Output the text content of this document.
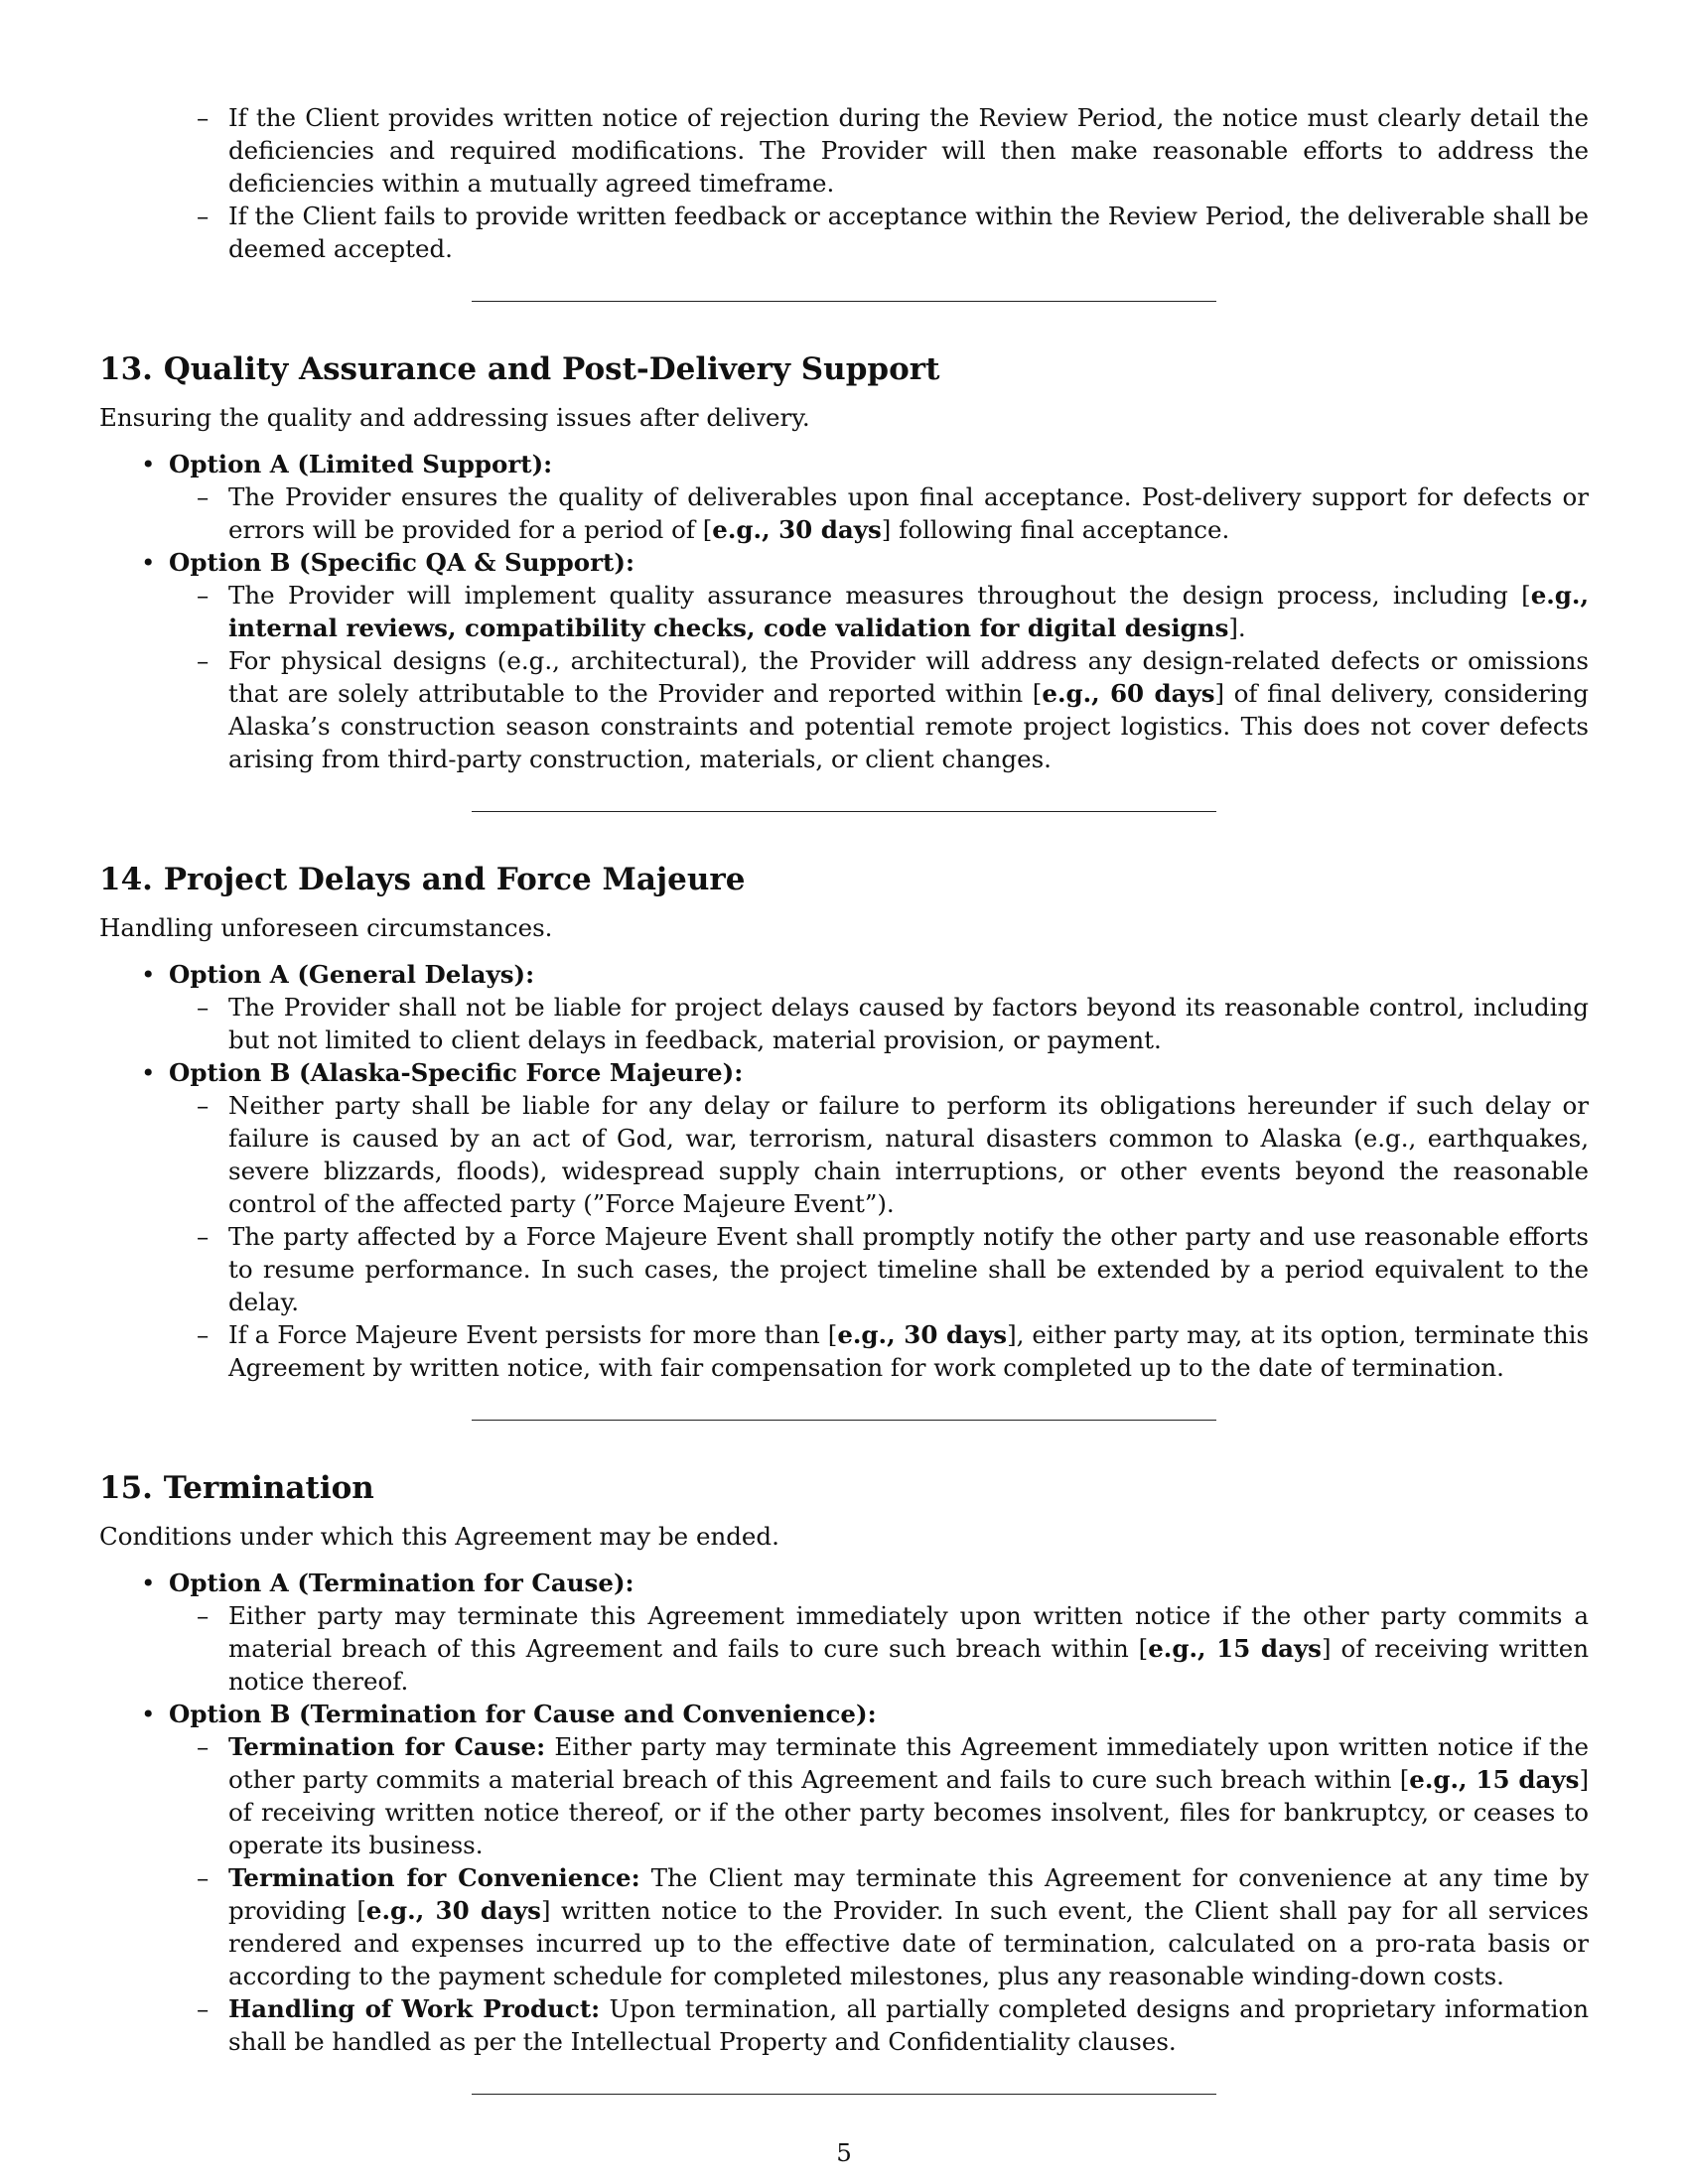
– If the Client provides written notice of rejection during the Review Period, the notice must clearly detail the deficiencies and required modifications. The Provider will then make reasonable efforts to address the deficiencies within a mutually agreed timeframe.
– If the Client fails to provide written feedback or acceptance within the Review Period, the deliverable shall be deemed accepted.
13. Quality Assurance and Post-Delivery Support

Ensuring the quality and addressing issues after delivery.

• Option A (Limited Support):
– The Provider ensures the quality of deliverables upon final acceptance. Post-delivery support for defects or errors will be provided for a period of [e.g., 30 days] following final acceptance.
• Option B (Specific QA & Support):
– The Provider will implement quality assurance measures throughout the design process, including [e.g., internal reviews, compatibility checks, code validation for digital designs].
– For physical designs (e.g., architectural), the Provider will address any design-related defects or omissions that are solely attributable to the Provider and reported within [e.g., 60 days] of final delivery, considering Alaska’s construction season constraints and potential remote project logistics. This does not cover defects arising from third-party construction, materials, or client changes.
14. Project Delays and Force Majeure

Handling unforeseen circumstances.

• Option A (General Delays):
– The Provider shall not be liable for project delays caused by factors beyond its reasonable control, including but not limited to client delays in feedback, material provision, or payment.
• Option B (Alaska-Specific Force Majeure):
– Neither party shall be liable for any delay or failure to perform its obligations hereunder if such delay or failure is caused by an act of God, war, terrorism, natural disasters common to Alaska (e.g., earthquakes, severe blizzards, floods), widespread supply chain interruptions, or other events beyond the reasonable control of the affected party (”Force Majeure Event”).
– The party affected by a Force Majeure Event shall promptly notify the other party and use reasonable efforts to resume performance. In such cases, the project timeline shall be extended by a period equivalent to the delay.
– If a Force Majeure Event persists for more than [e.g., 30 days], either party may, at its option, terminate this Agreement by written notice, with fair compensation for work completed up to the date of termination.
15. Termination

Conditions under which this Agreement may be ended.

• Option A (Termination for Cause):
– Either party may terminate this Agreement immediately upon written notice if the other party commits a material breach of this Agreement and fails to cure such breach within [e.g., 15 days] of receiving written notice thereof.
• Option B (Termination for Cause and Convenience):
– Termination for Cause: Either party may terminate this Agreement immediately upon written notice if the other party commits a material breach of this Agreement and fails to cure such breach within [e.g., 15 days] of receiving written notice thereof, or if the other party becomes insolvent, files for bankruptcy, or ceases to operate its business.
– Termination for Convenience: The Client may terminate this Agreement for convenience at any time by providing [e.g., 30 days] written notice to the Provider. In such event, the Client shall pay for all services rendered and expenses incurred up to the effective date of termination, calculated on a pro-rata basis or according to the payment schedule for completed milestones, plus any reasonable winding-down costs.
– Handling of Work Product: Upon termination, all partially completed designs and proprietary information shall be handled as per the Intellectual Property and Confidentiality clauses.
5
